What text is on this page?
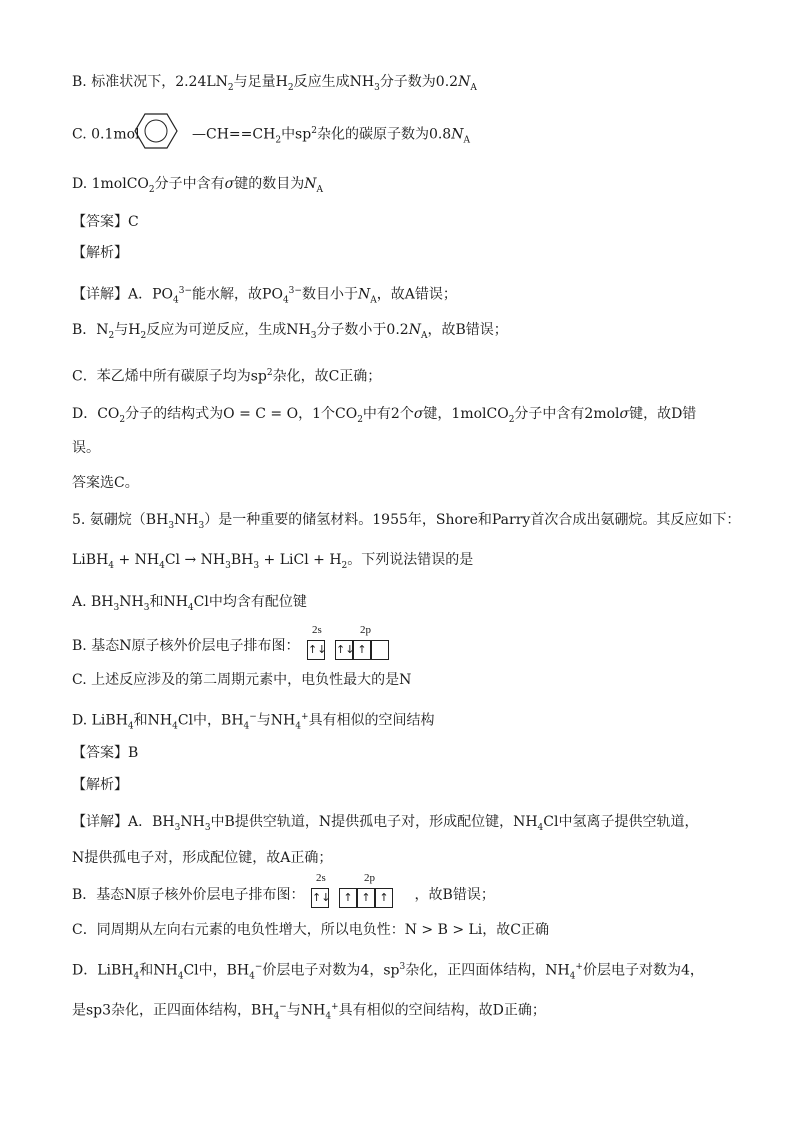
B. 标准状况下，$2.24LN_2$与足量$H_2$反应生成$NH_3$分子数为$0.2N_A$
C. 0.1mol	$—CH==CH_2$中$sp^2$杂化的碳原子数为$0.8N_A$
D. 1molCO$_2$分子中含有σ键的数目为$N_A$
【答案】C
【解析】
【详解】A．$PO_4^{3-}$能水解，故$PO_4^{3-}$数目小于$N_A$，故A错误；
B．$N_2$与$H_2$反应为可逆反应，生成$NH_3$分子数小于$0.2N_A$，故B错误；
C．苯乙烯中所有碳原子均为$sp^2$杂化，故C正确；
D．$CO_2$分子的结构式为O = C = O，1个$CO_2$中有2个σ键，1molCO$_2$分子中含有2molσ键，故D错
误。
答案选C。
5. 氨硼烷$(BH_3NH_3)$是一种重要的储氢材料。1955年，Shore和Parry首次合成出氨硼烷。其反应如下：
LiBH$_4$ + $NH_4Cl \to NH_3BH_3$ + LiCl + $H_2$。下列说法错误的是
A. $BH_3NH_3$和$NH_4Cl$中均含有配位键
B. 基态N原子核外价层电子排布图：
2s	2p
↑↓ ↑↓ ↑
C. 上述反应涉及的第二周期元素中，电负性最大的是N
D. LiBH$_4$和$NH_4Cl$中，$BH_4^-$与$NH_4^+$具有相似的空间结构
【答案】B
【解析】
【详解】A．$BH_3NH_3$中B提供空轨道，N提供孤电子对，形成配位键，$NH_4Cl$中氢离子提供空轨道，
N提供孤电子对，形成配位键，故A正确；
B．基态N原子核外价层电子排布图：	，故B错误；
2s	2p
↑↓	↑ ↑ ↑
C．同周期从左向右元素的电负性增大，所以电负性：N > B > Li，故C正确
D．LiBH$_4$和$NH_4Cl$中，$BH_4^-$价层电子对数为4，$sp^3$杂化，正四面体结构，$NH_4^+$价层电子对数为4，
是sp3杂化，正四面体结构，$BH_4^-$与$NH_4^+$具有相似的空间结构，故D正确；
